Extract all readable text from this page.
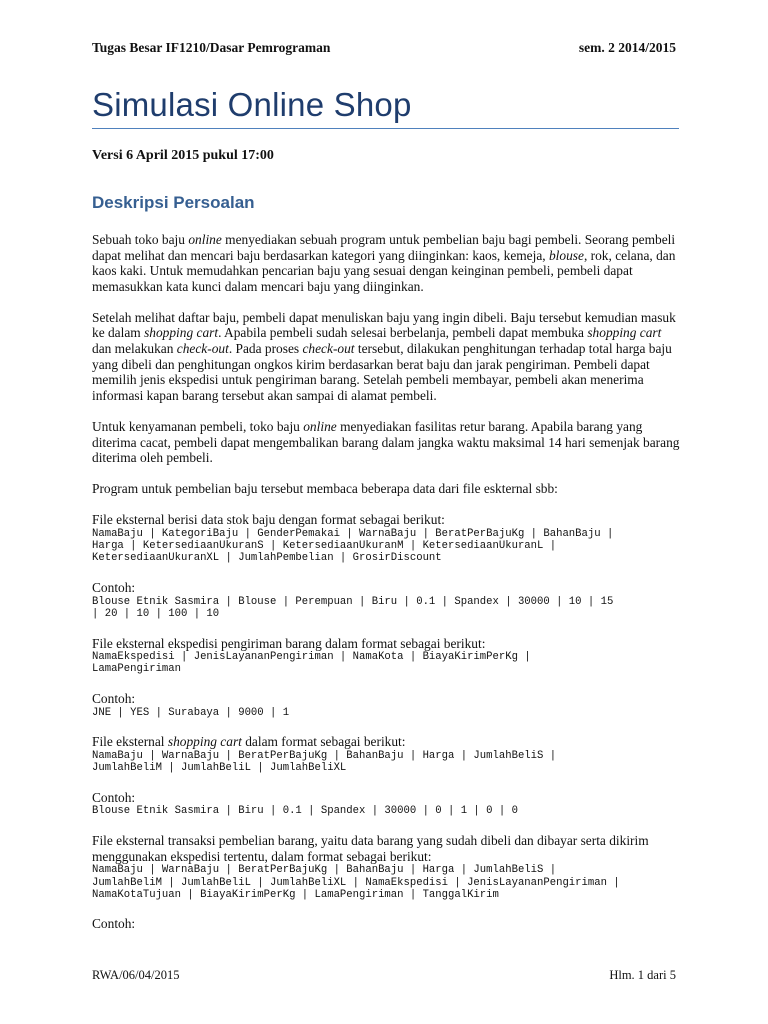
Tugas Besar IF1210/Dasar Pemrograman	sem. 2 2014/2015
Simulasi Online Shop
Versi 6 April 2015 pukul 17:00
Deskripsi Persoalan

Sebuah toko baju online menyediakan sebuah program untuk pembelian baju bagi pembeli. Seorang pembeli dapat melihat dan mencari baju berdasarkan kategori yang diinginkan: kaos, kemeja, blouse, rok, celana, dan kaos kaki. Untuk memudahkan pencarian baju yang sesuai dengan keinginan pembeli, pembeli dapat memasukkan kata kunci dalam mencari baju yang diinginkan.

Setelah melihat daftar baju, pembeli dapat menuliskan baju yang ingin dibeli. Baju tersebut kemudian masuk ke dalam shopping cart. Apabila pembeli sudah selesai berbelanja, pembeli dapat membuka shopping cart dan melakukan check-out. Pada proses check-out tersebut, dilakukan penghitungan terhadap total harga baju yang dibeli dan penghitungan ongkos kirim berdasarkan berat baju dan jarak pengiriman. Pembeli dapat memilih jenis ekspedisi untuk pengiriman barang. Setelah pembeli membayar, pembeli akan menerima informasi kapan barang tersebut akan sampai di alamat pembeli.

Untuk kenyamanan pembeli, toko baju online menyediakan fasilitas retur barang. Apabila barang yang diterima cacat, pembeli dapat mengembalikan barang dalam jangka waktu maksimal 14 hari semenjak barang diterima oleh pembeli.

Program untuk pembelian baju tersebut membaca beberapa data dari file eskternal sbb:

File eksternal berisi data stok baju dengan format sebagai berikut:

NamaBaju | KategoriBaju | GenderPemakai | WarnaBaju | BeratPerBajuKg | BahanBaju |
Harga | KetersediaanUkuranS | KetersediaanUkuranM | KetersediaanUkuranL |
KetersediaanUkuranXL | JumlahPembelian | GrosirDiscount

Contoh:

Blouse Etnik Sasmira | Blouse | Perempuan | Biru | 0.1 | Spandex | 30000 | 10 | 15
| 20 | 10 | 100 | 10

File eksternal ekspedisi pengiriman barang dalam format sebagai berikut:

NamaEkspedisi | JenisLayananPengiriman | NamaKota | BiayaKirimPerKg |
LamaPengiriman

Contoh:

JNE | YES | Surabaya | 9000 | 1

File eksternal shopping cart dalam format sebagai berikut:

NamaBaju | WarnaBaju | BeratPerBajuKg | BahanBaju | Harga | JumlahBeliS |
JumlahBeliM | JumlahBeliL | JumlahBeliXL

Contoh:

Blouse Etnik Sasmira | Biru | 0.1 | Spandex | 30000 | 0 | 1 | 0 | 0

File eksternal transaksi pembelian barang, yaitu data barang yang sudah dibeli dan dibayar serta dikirim menggunakan ekspedisi tertentu, dalam format sebagai berikut:

NamaBaju | WarnaBaju | BeratPerBajuKg | BahanBaju | Harga | JumlahBeliS |
JumlahBeliM | JumlahBeliL | JumlahBeliXL | NamaEkspedisi | JenisLayananPengiriman |
NamaKotaTujuan | BiayaKirimPerKg | LamaPengiriman | TanggalKirim

Contoh:

RWA/06/04/2015	Hlm. 1 dari 5
